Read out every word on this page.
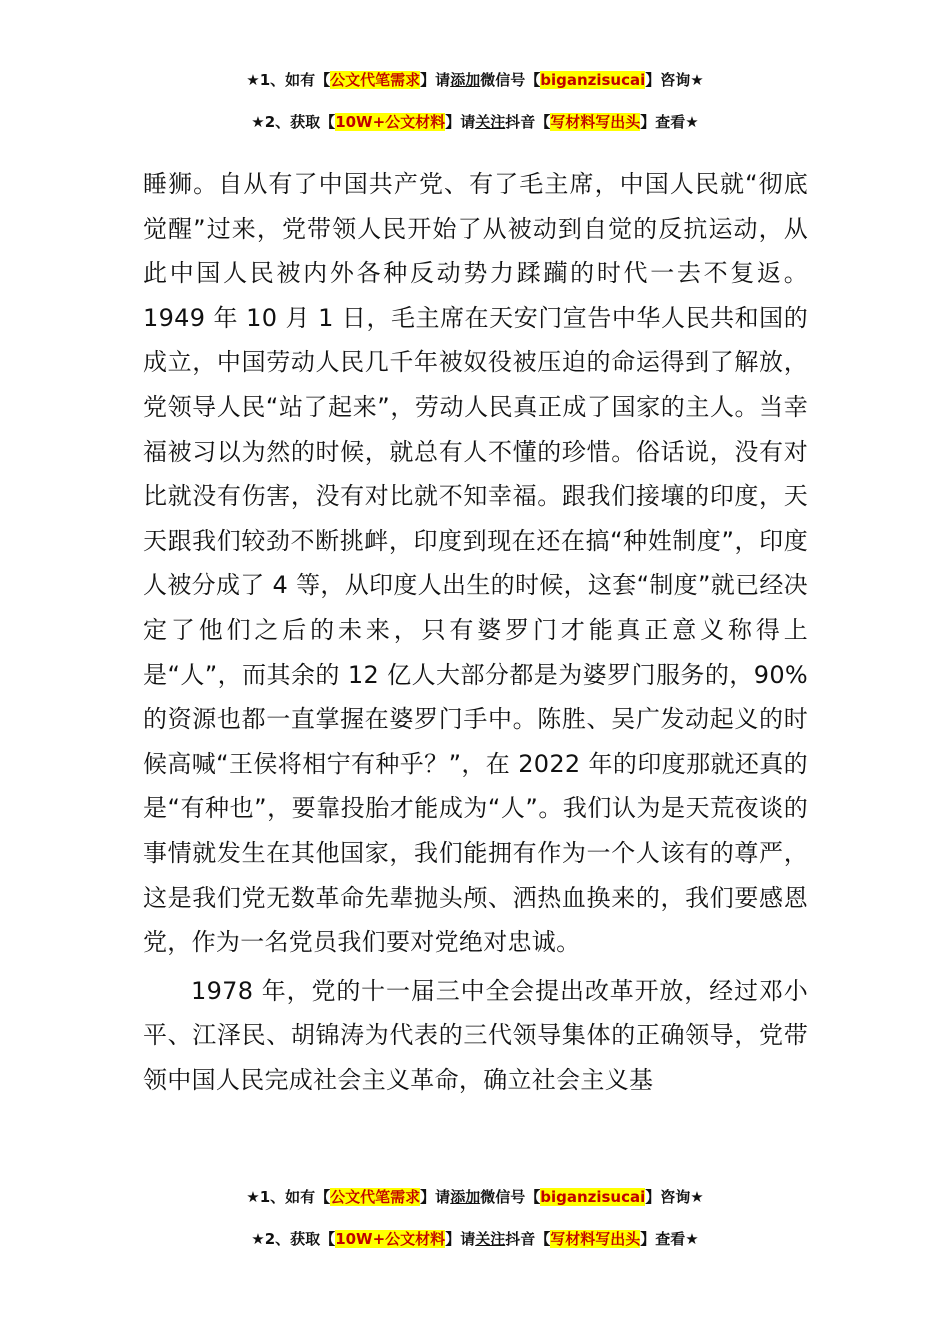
★1、如有【公文代笔需求】请添加微信号【biganzisucai】咨询★
★2、获取【10W+公文材料】请关注抖音【写材料写出头】查看★

睡狮。自从有了中国共产党、有了毛主席，中国人民就“彻底觉醒”过来，党带领人民开始了从被动到自觉的反抗运动，从此中国人民被内外各种反动势力蹂躏的时代一去不复返。1949 年 10 月 1 日，毛主席在天安门宣告中华人民共和国的成立，中国劳动人民几千年被奴役被压迫的命运得到了解放，党领导人民“站了起来”，劳动人民真正成了国家的主人。当幸福被习以为然的时候，就总有人不懂的珍惜。俗话说，没有对比就没有伤害，没有对比就不知幸福。跟我们接壤的印度，天天跟我们较劲不断挑衅，印度到现在还在搞“种姓制度”，印度人被分成了 4 等，从印度人出生的时候，这套“制度”就已经决定了他们之后的未来，只有婆罗门才能真正意义称得上是“人”，而其余的 12 亿人大部分都是为婆罗门服务的，90%的资源也都一直掌握在婆罗门手中。陈胜、吴广发动起义的时候高喊“王侯将相宁有种乎？”，在 2022 年的印度那就还真的是“有种也”，要靠投胎才能成为“人”。我们认为是天荒夜谈的事情就发生在其他国家，我们能拥有作为一个人该有的尊严，这是我们党无数革命先辈抛头颅、洒热血换来的，我们要感恩党，作为一名党员我们要对党绝对忠诚。

1978 年，党的十一届三中全会提出改革开放，经过邓小平、江泽民、胡锦涛为代表的三代领导集体的正确领导，党带领中国人民完成社会主义革命，确立社会主义基

★1、如有【公文代笔需求】请添加微信号【biganzisucai】咨询★
★2、获取【10W+公文材料】请关注抖音【写材料写出头】查看★
